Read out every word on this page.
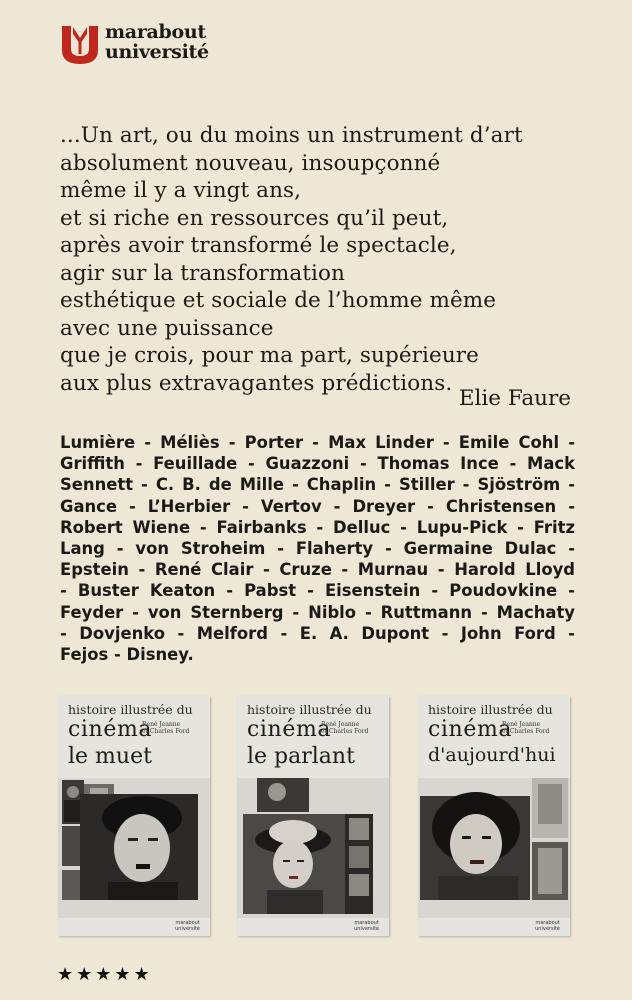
marabout
université
...Un art, ou du moins un instrument d’art
absolument nouveau, insoupçonné
même il y a vingt ans,
et si riche en ressources qu’il peut,
après avoir transformé le spectacle,
agir sur la transformation
esthétique et sociale de l’homme même
avec une puissance
que je crois, pour ma part, supérieure
aux plus extravagantes prédictions.
Elie Faure
Lumière - Méliès - Porter - Max Linder - Emile Cohl -
Griffith - Feuillade - Guazzoni - Thomas Ince - Mack
Sennett - C. B. de Mille - Chaplin - Stiller - Sjöström -
Gance - L’Herbier - Vertov - Dreyer - Christensen -
Robert Wiene - Fairbanks - Delluc - Lupu-Pick - Fritz
Lang - von Stroheim - Flaherty - Germaine Dulac -
Epstein - René Clair - Cruze - Murnau - Harold Lloyd
- Buster Keaton - Pabst - Eisenstein - Poudovkine -
Feyder - von Sternberg - Niblo - Ruttmann - Machaty
- Dovjenko - Melford - E. A. Dupont - John Ford -
Fejos - Disney.
histoire illustrée du
cinéma
René Jeanne
et Charles Ford
le muet
marabout
université
histoire illustrée du
cinéma
René Jeanne
et Charles Ford
le parlant
marabout
université
histoire illustrée du
cinéma
René Jeanne
et Charles Ford
d'aujourd'hui
marabout
université
★★★★★
